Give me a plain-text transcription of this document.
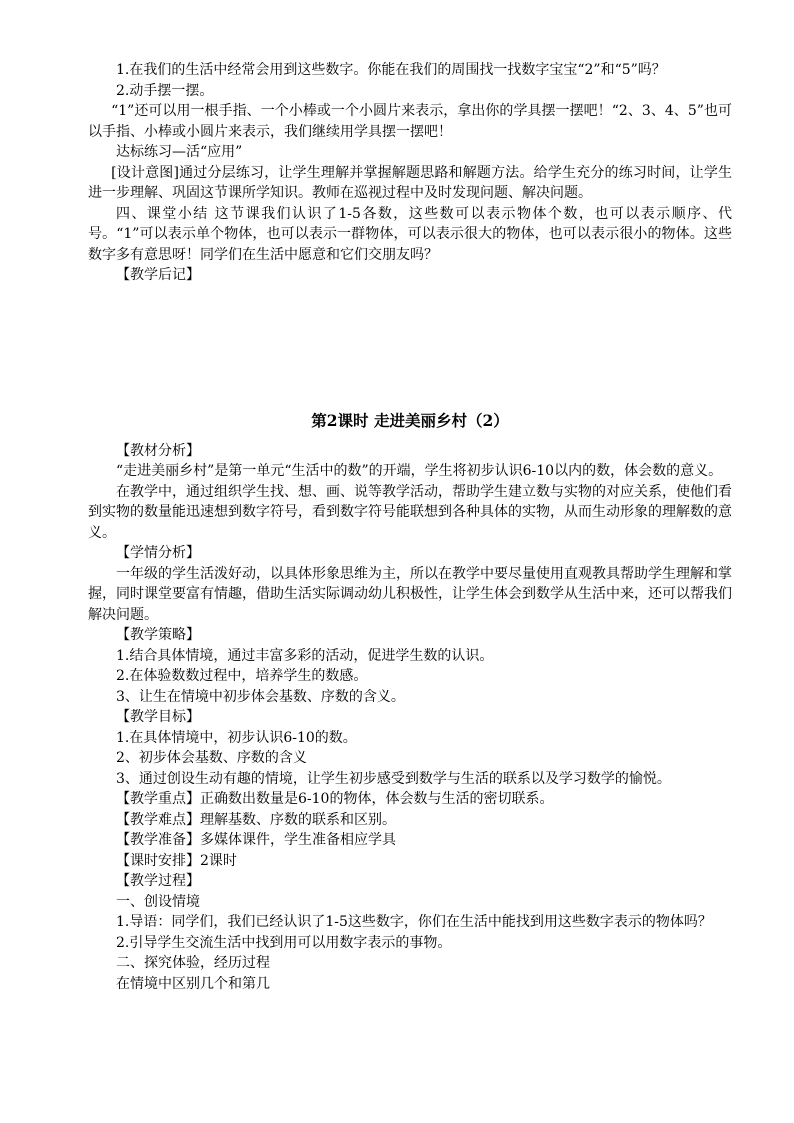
1.在我们的生活中经常会用到这些数字。你能在我们的周围找一找数字宝宝“2”和“5”吗？

2.动手摆一摆。

“1”还可以用一根手指、一个小棒或一个小圆片来表示，拿出你的学具摆一摆吧！“2、3、4、5”也可以手指、小棒或小圆片来表示，我们继续用学具摆一摆吧！

达标练习—活“应用”

[设计意图]通过分层练习，让学生理解并掌握解题思路和解题方法。给学生充分的练习时间，让学生进一步理解、巩固这节课所学知识。教师在巡视过程中及时发现问题、解决问题。

四、课堂小结 这节课我们认识了1-5各数，这些数可以表示物体个数，也可以表示顺序、代号。“1”可以表示单个物体，也可以表示一群物体，可以表示很大的物体，也可以表示很小的物体。这些数字多有意思呀！同学们在生活中愿意和它们交朋友吗？

【教学后记】

第2课时 走进美丽乡村（2）

【教材分析】

“走进美丽乡村”是第一单元“生活中的数”的开端，学生将初步认识6-10以内的数，体会数的意义。

在教学中，通过组织学生找、想、画、说等教学活动，帮助学生建立数与实物的对应关系，使他们看到实物的数量能迅速想到数字符号，看到数字符号能联想到各种具体的实物，从而生动形象的理解数的意义。

【学情分析】

一年级的学生活泼好动，以具体形象思维为主，所以在教学中要尽量使用直观教具帮助学生理解和掌握，同时课堂要富有情趣，借助生活实际调动幼儿积极性，让学生体会到数学从生活中来，还可以帮我们解决问题。

【教学策略】

1.结合具体情境，通过丰富多彩的活动，促进学生数的认识。

2.在体验数数过程中，培养学生的数感。

3、让生在情境中初步体会基数、序数的含义。

【教学目标】

1.在具体情境中，初步认识6-10的数。

2、初步体会基数、序数的含义

3、通过创设生动有趣的情境，让学生初步感受到数学与生活的联系以及学习数学的愉悦。

【教学重点】正确数出数量是6-10的物体，体会数与生活的密切联系。

【教学难点】理解基数、序数的联系和区别。

【教学准备】多媒体课件，学生准备相应学具

【课时安排】2课时

【教学过程】

一、创设情境

1.导语：同学们，我们已经认识了1-5这些数字，你们在生活中能找到用这些数字表示的物体吗？

2.引导学生交流生活中找到用可以用数字表示的事物。

二、探究体验，经历过程

在情境中区别几个和第几
